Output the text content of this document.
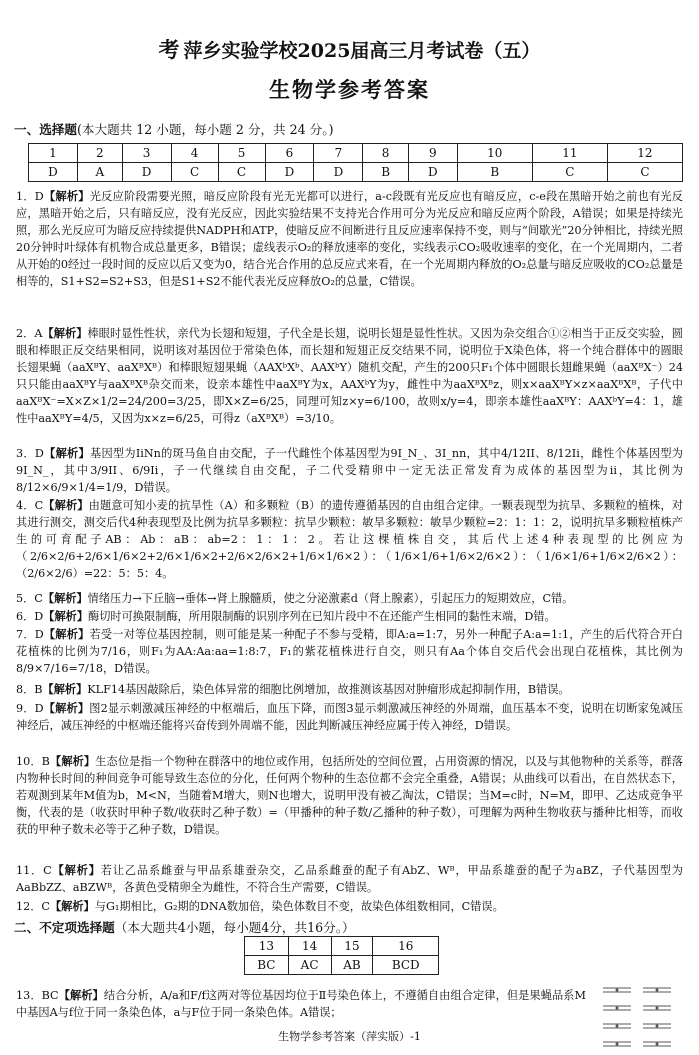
考 萍乡实验学校2025届高三月考试卷（五）
生物学参考答案
一、选择题(本大题共 12 小题，每小题 2 分，共 24 分。)
1	2	3	4	5	6	7	8	9	10	11	12
D	A	D	C	C	D	D	B	D	B	C	C
1．D【解析】光反应阶段需要光照，暗反应阶段有光无光都可以进行，a-c段既有光反应也有暗反应，c-e段在黑暗开始之前也有光反应，黑暗开始之后，只有暗反应，没有光反应，因此实验结果不支持光合作用可分为光反应和暗反应两个阶段，A错误；如果是持续光照，那么光反应可为暗反应持续提供NADPH和ATP，使暗反应不间断进行且反应速率保持不变，则与“间歇光”20分钟相比，持续光照20分钟时叶绿体有机物合成总量更多，B错误；虚线表示O₂的释放速率的变化，实线表示CO₂吸收速率的变化，在一个光周期内，二者从开始的0经过一段时间的反应以后又变为0，结合光合作用的总反应式来看，在一个光周期内释放的O₂总量与暗反应吸收的CO₂总量是相等的，S1+S2=S2+S3，但是S1+S2不能代表光反应释放O₂的总量，C错误。
2．A【解析】棒眼时显性性状，亲代为长翅和短翅，子代全是长翅，说明长翅是显性性状。又因为杂交组合①②相当于正反交实验，圆眼和棒眼正反交结果相同，说明该对基因位于常染色体，而长翅和短翅正反交结果不同，说明位于X染色体，将一个纯合群体中的圆眼长翅果蝇（aaXᴮY、aaXᴮXᴮ）和棒眼短翅果蝇（AAXᵇXᵇ、AAXᵇY）随机交配，产生的200只F₁个体中圆眼长翅雌果蝇（aaXᴮX⁻）24只只能由aaXᴮY与aaXᴮXᴮ杂交而来，设亲本雄性中aaXᴮY为x，AAXᵇY为y，雌性中为aaXᴮXᴮz，则x×aaXᴮY×z×aaXᴮXᴮ，子代中aaXᴮX⁻=X×Z×1/2=24/200=3/25，即X×Z=6/25，同理可知z×y=6/100，故则x/y=4，即亲本雄性aaXᴮY：AAXᵇY=4：1，雄性中aaXᴮY=4/5，又因为x×z=6/25，可得z（aXᴮXᴮ）=3/10。
3．D【解析】基因型为IiNn的斑马鱼自由交配，子一代雌性个体基因型为9I_N_、3I_nn，其中4/12II、8/12Ii，雌性个体基因型为9I_N_，其中3/9II、6/9Ii，子一代继续自由交配，子二代受精卵中一定无法正常发育为成体的基因型为ii，其比例为8/12×6/9×1/4=1/9，D错误。
4．C【解析】由题意可知小麦的抗旱性（A）和多颗粒（B）的遗传遵循基因的自由组合定律。一颗表现型为抗旱、多颗粒的植株，对其进行测交，测交后代4种表现型及比例为抗旱多颗粒：抗旱少颗粒：敏旱多颗粒：敏旱少颗粒=2：1：1：2，说明抗旱多颗粒植株产生的可育配子AB：Ab：aB：ab=2：1：1：2。若让这棵植株自交，其后代上述4种表现型的比例应为（2/6×2/6+2/6×1/6×2+2/6×1/6×2+2/6×2/6×2+1/6×1/6×2）：（1/6×1/6+1/6×2/6×2）：（1/6×1/6+1/6×2/6×2）：（2/6×2/6）=22：5：5：4。
5．C【解析】情绪压力→下丘脑→垂体→肾上腺髓质，使之分泌激素d（肾上腺素），引起压力的短期效应，C错。
6．D【解析】酶切时可换限制酶，所用限制酶的识别序列在已知片段中不在还能产生相同的黏性末端，D错。
7．D【解析】若受一对等位基因控制，则可能是某一种配子不参与受精，即A:a=1:7，另外一种配子A:a=1:1，产生的后代符合开白花植株的比例为7/16，则F₁为AA:Aa:aa=1:8:7，F₁的紫花植株进行自交，则只有Aa个体自交后代会出现白花植株，其比例为8/9×7/16=7/18，D错误。
8．B【解析】KLF14基因敲除后，染色体异常的细胞比例增加，故推测该基因对肿瘤形成起抑制作用，B错误。
9．D【解析】图2显示刺激减压神经的中枢端后，血压下降，而图3显示刺激减压神经的外周端，血压基本不变，说明在切断家兔减压神经后，减压神经的中枢端还能将兴奋传到外周端不能，因此判断减压神经应属于传入神经，D错误。
10．B【解析】生态位是指一个物种在群落中的地位或作用，包括所处的空间位置，占用资源的情况，以及与其他物种的关系等，群落内物种长时间的种间竞争可能导致生态位的分化，任何两个物种的生态位都不会完全重叠，A错误；从曲线可以看出，在自然状态下，若观测到某年M值为b，M<N，当随着M增大，则N也增大，说明甲没有被乙淘汰，C错误；当M=c时，N=M，即甲、乙达成竞争平衡，代表的是（收获时甲种子数/收获时乙种子数）=（甲播种的种子数/乙播种的种子数），可理解为两种生物收获与播种比相等，而收获的甲种子数未必等于乙种子数，D错误。
11．C【解析】若让乙品系雌蚕与甲品系雄蚕杂交，乙品系雌蚕的配子有AbZ、Wᴮ，甲品系雄蚕的配子为aBZ，子代基因型为AaBbZZ、aBZWᴮ，各黄色受精卵全为雌性，不符合生产需要，C错误。
12．C【解析】与G₁期相比，G₂期的DNA数加倍，染色体数目不变，故染色体组数相同，C错误。
二、不定项选择题（本大题共4小题，每小题4分，共16分。）
13	14	15	16
BC	AC	AB	BCD
13．BC【解析】结合分析，A/a和F/f这两对等位基因均位于Ⅱ号染色体上，不遵循自由组合定律，但是果蝇品系M中基因A与f位于同一条染色体，a与F位于同一条染色体。A错误；
生物学参考答案（萍实版）-1
